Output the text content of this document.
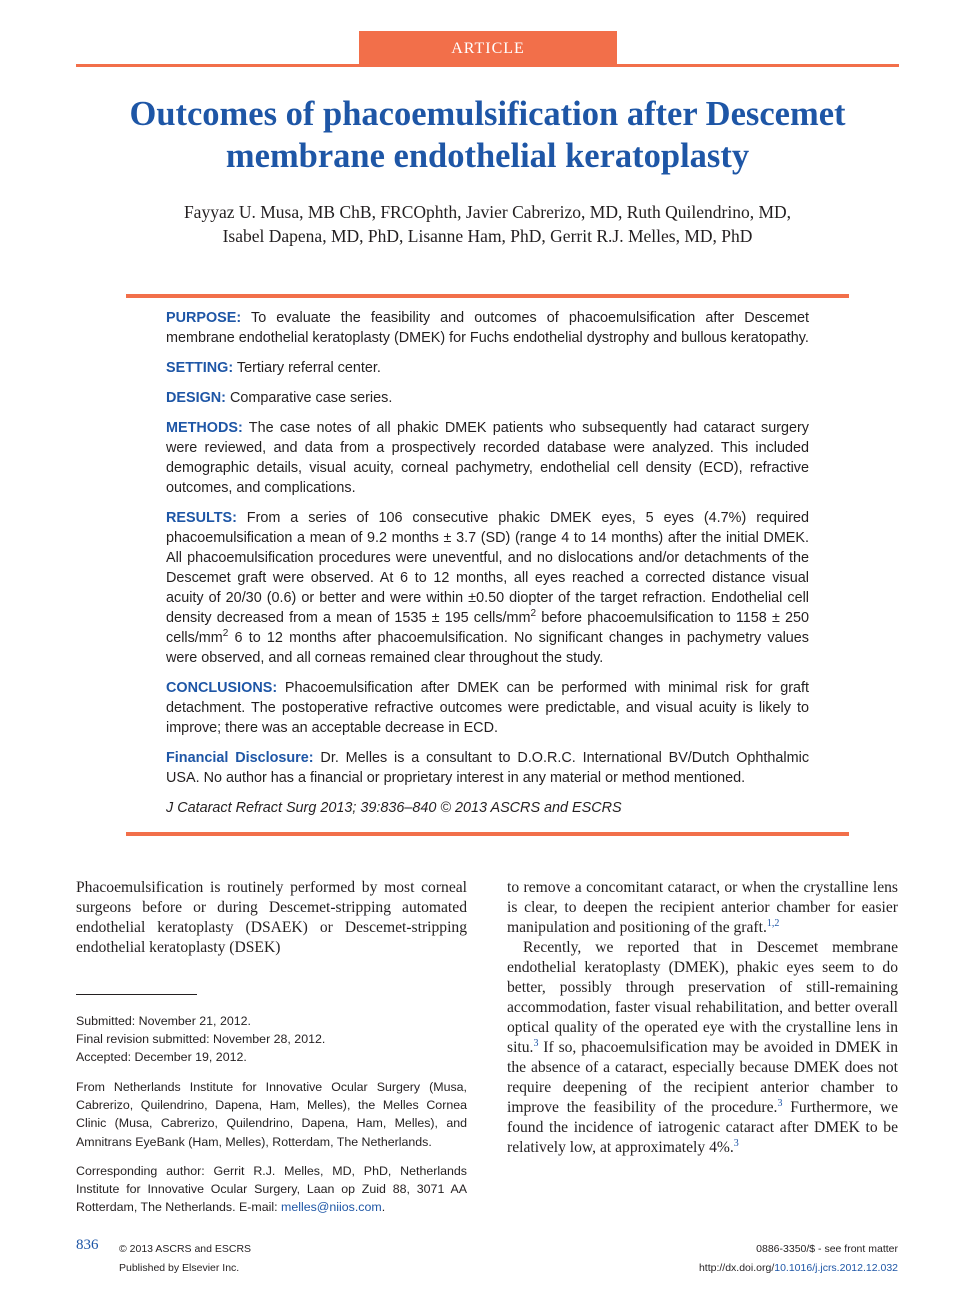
ARTICLE
Outcomes of phacoemulsification after Descemet
membrane endothelial keratoplasty
Fayyaz U. Musa, MB ChB, FRCOphth, Javier Cabrerizo, MD, Ruth Quilendrino, MD,
Isabel Dapena, MD, PhD, Lisanne Ham, PhD, Gerrit R.J. Melles, MD, PhD

PURPOSE: To evaluate the feasibility and outcomes of phacoemulsification after Descemet membrane endothelial keratoplasty (DMEK) for Fuchs endothelial dystrophy and bullous keratopathy.

SETTING: Tertiary referral center.

DESIGN: Comparative case series.

METHODS: The case notes of all phakic DMEK patients who subsequently had cataract surgery were reviewed, and data from a prospectively recorded database were analyzed. This included demographic details, visual acuity, corneal pachymetry, endothelial cell density (ECD), refractive outcomes, and complications.

RESULTS: From a series of 106 consecutive phakic DMEK eyes, 5 eyes (4.7%) required phacoemulsification a mean of 9.2 months ± 3.7 (SD) (range 4 to 14 months) after the initial DMEK. All phacoemulsification procedures were uneventful, and no dislocations and/or detachments of the Descemet graft were observed. At 6 to 12 months, all eyes reached a corrected distance visual acuity of 20/30 (0.6) or better and were within ±0.50 diopter of the target refraction. Endothelial cell density decreased from a mean of 1535 ± 195 cells/$mm^2$ before phacoemulsification to 1158 ± 250 cells/$mm^2$ 6 to 12 months after phacoemulsification. No significant changes in pachymetry values were observed, and all corneas remained clear throughout the study.

CONCLUSIONS: Phacoemulsification after DMEK can be performed with minimal risk for graft detachment. The postoperative refractive outcomes were predictable, and visual acuity is likely to improve; there was an acceptable decrease in ECD.

Financial Disclosure: Dr. Melles is a consultant to D.O.R.C. International BV/Dutch Ophthalmic USA. No author has a financial or proprietary interest in any material or method mentioned.

J Cataract Refract Surg 2013; 39:836–840 © 2013 ASCRS and ESCRS

Phacoemulsification is routinely performed by most corneal surgeons before or during Descemet-stripping automated endothelial keratoplasty (DSAEK) or Descemet-stripping endothelial keratoplasty (DSEK)

to remove a concomitant cataract, or when the crystalline lens is clear, to deepen the recipient anterior chamber for easier manipulation and positioning of the graft.$^{1,2}$

Recently, we reported that in Descemet membrane endothelial keratoplasty (DMEK), phakic eyes seem to do better, possibly through preservation of still-remaining accommodation, faster visual rehabilitation, and better overall optical quality of the operated eye with the crystalline lens in situ.$^3$ If so, phacoemulsification may be avoided in DMEK in the absence of a cataract, especially because DMEK does not require deepening of the recipient anterior chamber to improve the feasibility of the procedure.$^3$ Furthermore, we found the incidence of iatrogenic cataract after DMEK to be relatively low, at approximately 4%.$^3$

Submitted: November 21, 2012.

Final revision submitted: November 28, 2012.

Accepted: December 19, 2012.

From Netherlands Institute for Innovative Ocular Surgery (Musa, Cabrerizo, Quilendrino, Dapena, Ham, Melles), the Melles Cornea Clinic (Musa, Cabrerizo, Quilendrino, Dapena, Ham, Melles), and Amnitrans EyeBank (Ham, Melles), Rotterdam, The Netherlands.

Corresponding author: Gerrit R.J. Melles, MD, PhD, Netherlands Institute for Innovative Ocular Surgery, Laan op Zuid 88, 3071 AA Rotterdam, The Netherlands. E-mail: melles@niios.com.

836 © 2013 ASCRS and ESCRS
Published by Elsevier Inc.
0886-3350/$ - see front matter
http://dx.doi.org/10.1016/j.jcrs.2012.12.032
